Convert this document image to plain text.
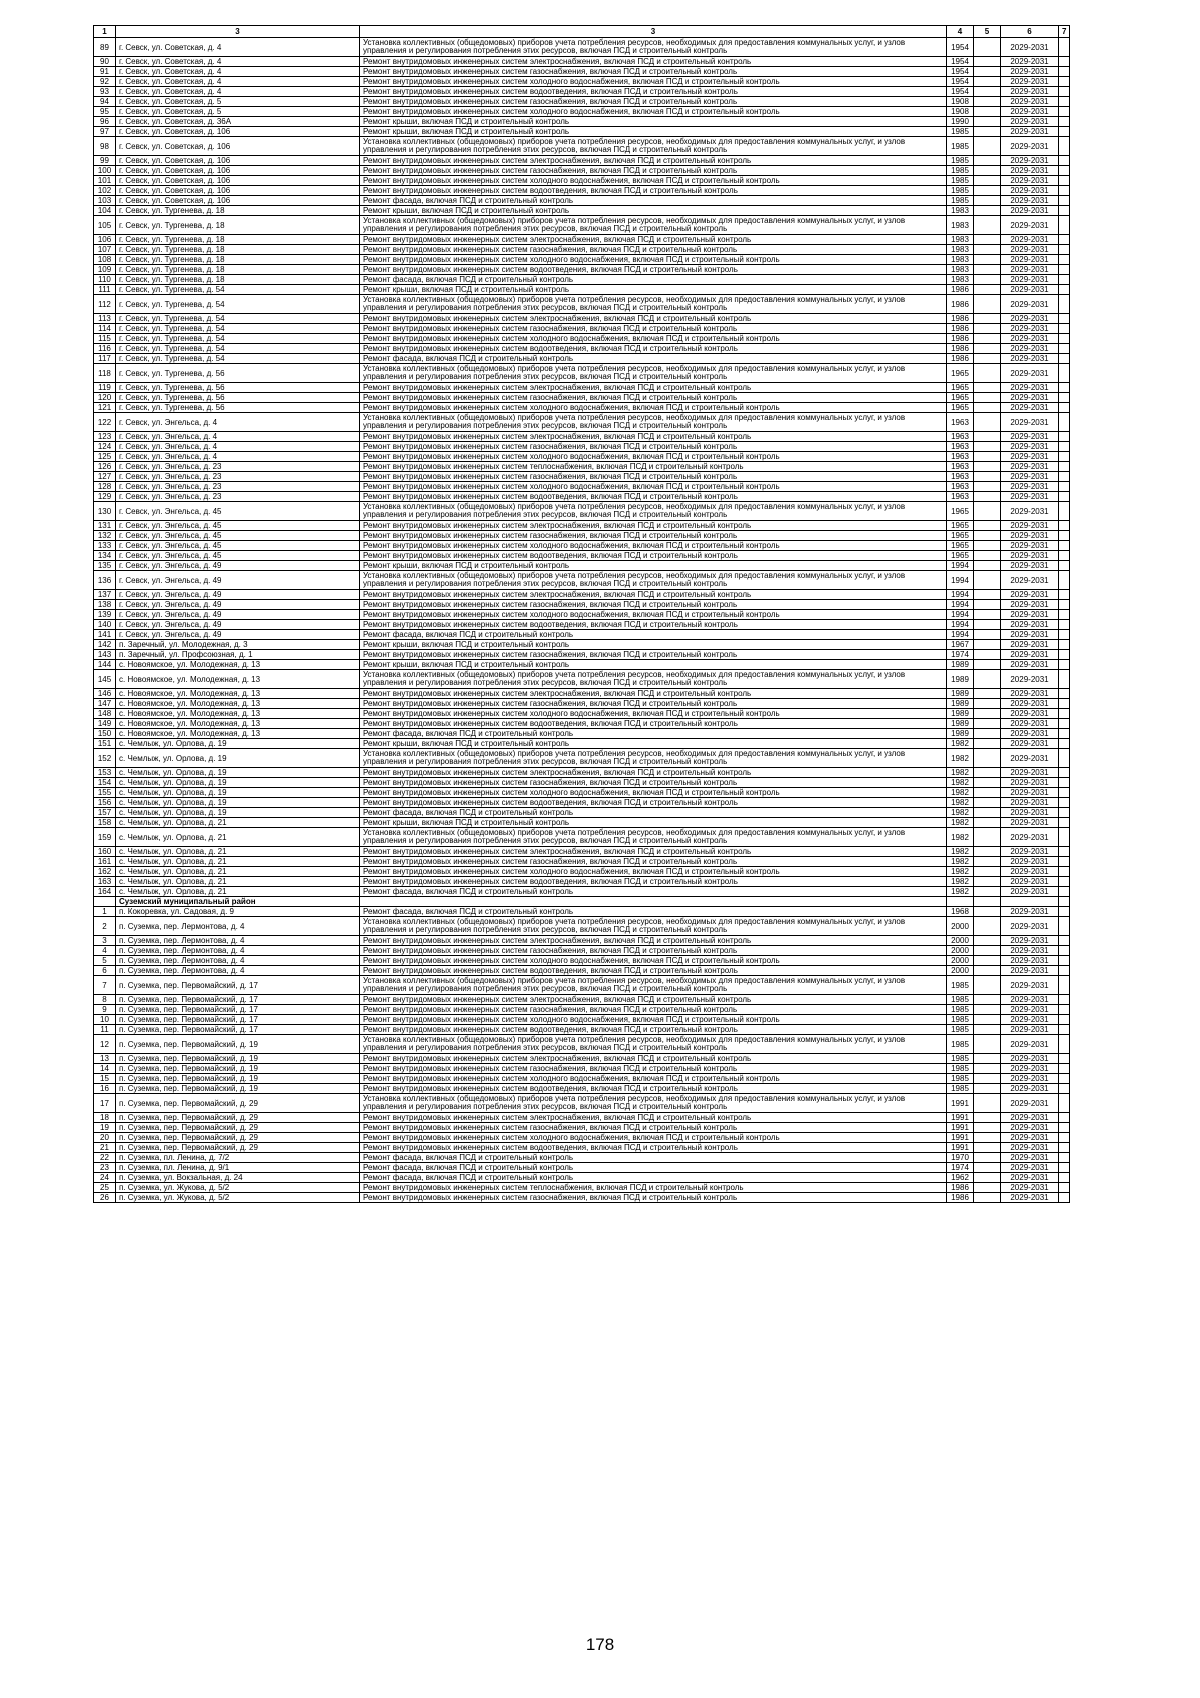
1	3	3	4	5	6	7	
89	г. Севск, ул. Советская, д. 4	Установка коллективных (общедомовых) приборов учета потребления ресурсов, необходимых для предоставления коммунальных услуг, и узлов управления и регулирования потребления этих ресурсов, включая ПСД и строительный контроль	1954		2029-2031		
90	г. Севск, ул. Советская, д. 4	Ремонт внутридомовых инженерных систем электроснабжения, включая ПСД и строительный контроль	1954		2029-2031		
91	г. Севск, ул. Советская, д. 4	Ремонт внутридомовых инженерных систем газоснабжения, включая ПСД и строительный контроль	1954		2029-2031		
92	г. Севск, ул. Советская, д. 4	Ремонт внутридомовых инженерных систем холодного водоснабжения, включая ПСД и строительный контроль	1954		2029-2031		
93	г. Севск, ул. Советская, д. 4	Ремонт внутридомовых инженерных систем водоотведения, включая ПСД и строительный контроль	1954		2029-2031		
94	г. Севск, ул. Советская, д. 5	Ремонт внутридомовых инженерных систем газоснабжения, включая ПСД и строительный контроль	1908		2029-2031		
95	г. Севск, ул. Советская, д. 5	Ремонт внутридомовых инженерных систем холодного водоснабжения, включая ПСД и строительный контроль	1908		2029-2031		
96	г. Севск, ул. Советская, д. 36А	Ремонт крыши, включая ПСД и строительный контроль	1990		2029-2031		
97	г. Севск, ул. Советская, д. 106	Ремонт крыши, включая ПСД и строительный контроль	1985		2029-2031		
98	г. Севск, ул. Советская, д. 106	Установка коллективных (общедомовых) приборов учета потребления ресурсов, необходимых для предоставления коммунальных услуг, и узлов управления и регулирования потребления этих ресурсов, включая ПСД и строительный контроль	1985		2029-2031		
99	г. Севск, ул. Советская, д. 106	Ремонт внутридомовых инженерных систем электроснабжения, включая ПСД и строительный контроль	1985		2029-2031		
100	г. Севск, ул. Советская, д. 106	Ремонт внутридомовых инженерных систем газоснабжения, включая ПСД и строительный контроль	1985		2029-2031		
101	г. Севск, ул. Советская, д. 106	Ремонт внутридомовых инженерных систем холодного водоснабжения, включая ПСД и строительный контроль	1985		2029-2031		
102	г. Севск, ул. Советская, д. 106	Ремонт внутридомовых инженерных систем водоотведения, включая ПСД и строительный контроль	1985		2029-2031		
103	г. Севск, ул. Советская, д. 106	Ремонт фасада, включая ПСД и строительный контроль	1985		2029-2031		
104	г. Севск, ул. Тургенева, д. 18	Ремонт крыши, включая ПСД и строительный контроль	1983		2029-2031		
105	г. Севск, ул. Тургенева, д. 18	Установка коллективных (общедомовых) приборов учета потребления ресурсов, необходимых для предоставления коммунальных услуг, и узлов управления и регулирования потребления этих ресурсов, включая ПСД и строительный контроль	1983		2029-2031		
106	г. Севск, ул. Тургенева, д. 18	Ремонт внутридомовых инженерных систем электроснабжения, включая ПСД и строительный контроль	1983		2029-2031		
107	г. Севск, ул. Тургенева, д. 18	Ремонт внутридомовых инженерных систем газоснабжения, включая ПСД и строительный контроль	1983		2029-2031		
108	г. Севск, ул. Тургенева, д. 18	Ремонт внутридомовых инженерных систем холодного водоснабжения, включая ПСД и строительный контроль	1983		2029-2031		
109	г. Севск, ул. Тургенева, д. 18	Ремонт внутридомовых инженерных систем водоотведения, включая ПСД и строительный контроль	1983		2029-2031		
110	г. Севск, ул. Тургенева, д. 18	Ремонт фасада, включая ПСД и строительный контроль	1983		2029-2031		
111	г. Севск, ул. Тургенева, д. 54	Ремонт крыши, включая ПСД и строительный контроль	1986		2029-2031		
112	г. Севск, ул. Тургенева, д. 54	Установка коллективных (общедомовых) приборов учета потребления ресурсов, необходимых для предоставления коммунальных услуг, и узлов управления и регулирования потребления этих ресурсов, включая ПСД и строительный контроль	1986		2029-2031		
113	г. Севск, ул. Тургенева, д. 54	Ремонт внутридомовых инженерных систем электроснабжения, включая ПСД и строительный контроль	1986		2029-2031		
114	г. Севск, ул. Тургенева, д. 54	Ремонт внутридомовых инженерных систем газоснабжения, включая ПСД и строительный контроль	1986		2029-2031		
115	г. Севск, ул. Тургенева, д. 54	Ремонт внутридомовых инженерных систем холодного водоснабжения, включая ПСД и строительный контроль	1986		2029-2031		
116	г. Севск, ул. Тургенева, д. 54	Ремонт внутридомовых инженерных систем водоотведения, включая ПСД и строительный контроль	1986		2029-2031		
117	г. Севск, ул. Тургенева, д. 54	Ремонт фасада, включая ПСД и строительный контроль	1986		2029-2031		
118	г. Севск, ул. Тургенева, д. 56	Установка коллективных (общедомовых) приборов учета потребления ресурсов, необходимых для предоставления коммунальных услуг, и узлов управления и регулирования потребления этих ресурсов, включая ПСД и строительный контроль	1965		2029-2031		
119	г. Севск, ул. Тургенева, д. 56	Ремонт внутридомовых инженерных систем электроснабжения, включая ПСД и строительный контроль	1965		2029-2031		
120	г. Севск, ул. Тургенева, д. 56	Ремонт внутридомовых инженерных систем газоснабжения, включая ПСД и строительный контроль	1965		2029-2031		
121	г. Севск, ул. Тургенева, д. 56	Ремонт внутридомовых инженерных систем холодного водоснабжения, включая ПСД и строительный контроль	1965		2029-2031		
122	г. Севск, ул. Энгельса, д. 4	Установка коллективных (общедомовых) приборов учета потребления ресурсов, необходимых для предоставления коммунальных услуг, и узлов управления и регулирования потребления этих ресурсов, включая ПСД и строительный контроль	1963		2029-2031		
123	г. Севск, ул. Энгельса, д. 4	Ремонт внутридомовых инженерных систем электроснабжения, включая ПСД и строительный контроль	1963		2029-2031		
124	г. Севск, ул. Энгельса, д. 4	Ремонт внутридомовых инженерных систем газоснабжения, включая ПСД и строительный контроль	1963		2029-2031		
125	г. Севск, ул. Энгельса, д. 4	Ремонт внутридомовых инженерных систем холодного водоснабжения, включая ПСД и строительный контроль	1963		2029-2031		
126	г. Севск, ул. Энгельса, д. 23	Ремонт внутридомовых инженерных систем теплоснабжения, включая ПСД и строительный контроль	1963		2029-2031		
127	г. Севск, ул. Энгельса, д. 23	Ремонт внутридомовых инженерных систем газоснабжения, включая ПСД и строительный контроль	1963		2029-2031		
128	г. Севск, ул. Энгельса, д. 23	Ремонт внутридомовых инженерных систем холодного водоснабжения, включая ПСД и строительный контроль	1963		2029-2031		
129	г. Севск, ул. Энгельса, д. 23	Ремонт внутридомовых инженерных систем водоотведения, включая ПСД и строительный контроль	1963		2029-2031		
130	г. Севск, ул. Энгельса, д. 45	Установка коллективных (общедомовых) приборов учета потребления ресурсов, необходимых для предоставления коммунальных услуг, и узлов управления и регулирования потребления этих ресурсов, включая ПСД и строительный контроль	1965		2029-2031		
131	г. Севск, ул. Энгельса, д. 45	Ремонт внутридомовых инженерных систем электроснабжения, включая ПСД и строительный контроль	1965		2029-2031		
132	г. Севск, ул. Энгельса, д. 45	Ремонт внутридомовых инженерных систем газоснабжения, включая ПСД и строительный контроль	1965		2029-2031		
133	г. Севск, ул. Энгельса, д. 45	Ремонт внутридомовых инженерных систем холодного водоснабжения, включая ПСД и строительный контроль	1965		2029-2031		
134	г. Севск, ул. Энгельса, д. 45	Ремонт внутридомовых инженерных систем водоотведения, включая ПСД и строительный контроль	1965		2029-2031		
135	г. Севск, ул. Энгельса, д. 49	Ремонт крыши, включая ПСД и строительный контроль	1994		2029-2031		
136	г. Севск, ул. Энгельса, д. 49	Установка коллективных (общедомовых) приборов учета потребления ресурсов, необходимых для предоставления коммунальных услуг, и узлов управления и регулирования потребления этих ресурсов, включая ПСД и строительный контроль	1994		2029-2031		
137	г. Севск, ул. Энгельса, д. 49	Ремонт внутридомовых инженерных систем электроснабжения, включая ПСД и строительный контроль	1994		2029-2031		
138	г. Севск, ул. Энгельса, д. 49	Ремонт внутридомовых инженерных систем газоснабжения, включая ПСД и строительный контроль	1994		2029-2031		
139	г. Севск, ул. Энгельса, д. 49	Ремонт внутридомовых инженерных систем холодного водоснабжения, включая ПСД и строительный контроль	1994		2029-2031		
140	г. Севск, ул. Энгельса, д. 49	Ремонт внутридомовых инженерных систем водоотведения, включая ПСД и строительный контроль	1994		2029-2031		
141	г. Севск, ул. Энгельса, д. 49	Ремонт фасада, включая ПСД и строительный контроль	1994		2029-2031		
142	п. Заречный, ул. Молодежная, д. 3	Ремонт крыши, включая ПСД и строительный контроль	1967		2029-2031		
143	п. Заречный, ул. Профсоюзная, д. 1	Ремонт внутридомовых инженерных систем газоснабжения, включая ПСД и строительный контроль	1974		2029-2031		
144	с. Новоямское, ул. Молодежная, д. 13	Ремонт крыши, включая ПСД и строительный контроль	1989		2029-2031		
145	с. Новоямское, ул. Молодежная, д. 13	Установка коллективных (общедомовых) приборов учета потребления ресурсов, необходимых для предоставления коммунальных услуг, и узлов управления и регулирования потребления этих ресурсов, включая ПСД и строительный контроль	1989		2029-2031		
146	с. Новоямское, ул. Молодежная, д. 13	Ремонт внутридомовых инженерных систем электроснабжения, включая ПСД и строительный контроль	1989		2029-2031		
147	с. Новоямское, ул. Молодежная, д. 13	Ремонт внутридомовых инженерных систем газоснабжения, включая ПСД и строительный контроль	1989		2029-2031		
148	с. Новоямское, ул. Молодежная, д. 13	Ремонт внутридомовых инженерных систем холодного водоснабжения, включая ПСД и строительный контроль	1989		2029-2031		
149	с. Новоямское, ул. Молодежная, д. 13	Ремонт внутридомовых инженерных систем водоотведения, включая ПСД и строительный контроль	1989		2029-2031		
150	с. Новоямское, ул. Молодежная, д. 13	Ремонт фасада, включая ПСД и строительный контроль	1989		2029-2031		
151	с. Чемлыж, ул. Орлова, д. 19	Ремонт крыши, включая ПСД и строительный контроль	1982		2029-2031		
152	с. Чемлыж, ул. Орлова, д. 19	Установка коллективных (общедомовых) приборов учета потребления ресурсов, необходимых для предоставления коммунальных услуг, и узлов управления и регулирования потребления этих ресурсов, включая ПСД и строительный контроль	1982		2029-2031		
153	с. Чемлыж, ул. Орлова, д. 19	Ремонт внутридомовых инженерных систем электроснабжения, включая ПСД и строительный контроль	1982		2029-2031		
154	с. Чемлыж, ул. Орлова, д. 19	Ремонт внутридомовых инженерных систем газоснабжения, включая ПСД и строительный контроль	1982		2029-2031		
155	с. Чемлыж, ул. Орлова, д. 19	Ремонт внутридомовых инженерных систем холодного водоснабжения, включая ПСД и строительный контроль	1982		2029-2031		
156	с. Чемлыж, ул. Орлова, д. 19	Ремонт внутридомовых инженерных систем водоотведения, включая ПСД и строительный контроль	1982		2029-2031		
157	с. Чемлыж, ул. Орлова, д. 19	Ремонт фасада, включая ПСД и строительный контроль	1982		2029-2031		
158	с. Чемлыж, ул. Орлова, д. 21	Ремонт крыши, включая ПСД и строительный контроль	1982		2029-2031		
159	с. Чемлыж, ул. Орлова, д. 21	Установка коллективных (общедомовых) приборов учета потребления ресурсов, необходимых для предоставления коммунальных услуг, и узлов управления и регулирования потребления этих ресурсов, включая ПСД и строительный контроль	1982		2029-2031		
160	с. Чемлыж, ул. Орлова, д. 21	Ремонт внутридомовых инженерных систем электроснабжения, включая ПСД и строительный контроль	1982		2029-2031		
161	с. Чемлыж, ул. Орлова, д. 21	Ремонт внутридомовых инженерных систем газоснабжения, включая ПСД и строительный контроль	1982		2029-2031		
162	с. Чемлыж, ул. Орлова, д. 21	Ремонт внутридомовых инженерных систем холодного водоснабжения, включая ПСД и строительный контроль	1982		2029-2031		
163	с. Чемлыж, ул. Орлова, д. 21	Ремонт внутридомовых инженерных систем водоотведения, включая ПСД и строительный контроль	1982		2029-2031		
164	с. Чемлыж, ул. Орлова, д. 21	Ремонт фасада, включая ПСД и строительный контроль	1982		2029-2031		
	Суземский муниципальный район						
1	п. Кокоревка, ул. Садовая, д. 9	Ремонт фасада, включая ПСД и строительный контроль	1968		2029-2031		
2	п. Суземка, пер. Лермонтова, д. 4	Установка коллективных (общедомовых) приборов учета потребления ресурсов, необходимых для предоставления коммунальных услуг, и узлов управления и регулирования потребления этих ресурсов, включая ПСД и строительный контроль	2000		2029-2031		
3	п. Суземка, пер. Лермонтова, д. 4	Ремонт внутридомовых инженерных систем электроснабжения, включая ПСД и строительный контроль	2000		2029-2031		
4	п. Суземка, пер. Лермонтова, д. 4	Ремонт внутридомовых инженерных систем газоснабжения, включая ПСД и строительный контроль	2000		2029-2031		
5	п. Суземка, пер. Лермонтова, д. 4	Ремонт внутридомовых инженерных систем холодного водоснабжения, включая ПСД и строительный контроль	2000		2029-2031		
6	п. Суземка, пер. Лермонтова, д. 4	Ремонт внутридомовых инженерных систем водоотведения, включая ПСД и строительный контроль	2000		2029-2031		
7	п. Суземка, пер. Первомайский, д. 17	Установка коллективных (общедомовых) приборов учета потребления ресурсов, необходимых для предоставления коммунальных услуг, и узлов управления и регулирования потребления этих ресурсов, включая ПСД и строительный контроль	1985		2029-2031		
8	п. Суземка, пер. Первомайский, д. 17	Ремонт внутридомовых инженерных систем электроснабжения, включая ПСД и строительный контроль	1985		2029-2031		
9	п. Суземка, пер. Первомайский, д. 17	Ремонт внутридомовых инженерных систем газоснабжения, включая ПСД и строительный контроль	1985		2029-2031		
10	п. Суземка, пер. Первомайский, д. 17	Ремонт внутридомовых инженерных систем холодного водоснабжения, включая ПСД и строительный контроль	1985		2029-2031		
11	п. Суземка, пер. Первомайский, д. 17	Ремонт внутридомовых инженерных систем водоотведения, включая ПСД и строительный контроль	1985		2029-2031		
12	п. Суземка, пер. Первомайский, д. 19	Установка коллективных (общедомовых) приборов учета потребления ресурсов, необходимых для предоставления коммунальных услуг, и узлов управления и регулирования потребления этих ресурсов, включая ПСД и строительный контроль	1985		2029-2031		
13	п. Суземка, пер. Первомайский, д. 19	Ремонт внутридомовых инженерных систем электроснабжения, включая ПСД и строительный контроль	1985		2029-2031		
14	п. Суземка, пер. Первомайский, д. 19	Ремонт внутридомовых инженерных систем газоснабжения, включая ПСД и строительный контроль	1985		2029-2031		
15	п. Суземка, пер. Первомайский, д. 19	Ремонт внутридомовых инженерных систем холодного водоснабжения, включая ПСД и строительный контроль	1985		2029-2031		
16	п. Суземка, пер. Первомайский, д. 19	Ремонт внутридомовых инженерных систем водоотведения, включая ПСД и строительный контроль	1985		2029-2031		
17	п. Суземка, пер. Первомайский, д. 29	Установка коллективных (общедомовых) приборов учета потребления ресурсов, необходимых для предоставления коммунальных услуг, и узлов управления и регулирования потребления этих ресурсов, включая ПСД и строительный контроль	1991		2029-2031		
18	п. Суземка, пер. Первомайский, д. 29	Ремонт внутридомовых инженерных систем электроснабжения, включая ПСД и строительный контроль	1991		2029-2031		
19	п. Суземка, пер. Первомайский, д. 29	Ремонт внутридомовых инженерных систем газоснабжения, включая ПСД и строительный контроль	1991		2029-2031		
20	п. Суземка, пер. Первомайский, д. 29	Ремонт внутридомовых инженерных систем холодного водоснабжения, включая ПСД и строительный контроль	1991		2029-2031		
21	п. Суземка, пер. Первомайский, д. 29	Ремонт внутридомовых инженерных систем водоотведения, включая ПСД и строительный контроль	1991		2029-2031		
22	п. Суземка, пл. Ленина, д. 7/2	Ремонт фасада, включая ПСД и строительный контроль	1970		2029-2031		
23	п. Суземка, пл. Ленина, д. 9/1	Ремонт фасада, включая ПСД и строительный контроль	1974		2029-2031		
24	п. Суземка, ул. Вокзальная, д. 24	Ремонт фасада, включая ПСД и строительный контроль	1962		2029-2031		
25	п. Суземка, ул. Жукова, д. 5/2	Ремонт внутридомовых инженерных систем теплоснабжения, включая ПСД и строительный контроль	1986		2029-2031		
26	п. Суземка, ул. Жукова, д. 5/2	Ремонт внутридомовых инженерных систем газоснабжения, включая ПСД и строительный контроль	1986		2029-2031		
178
